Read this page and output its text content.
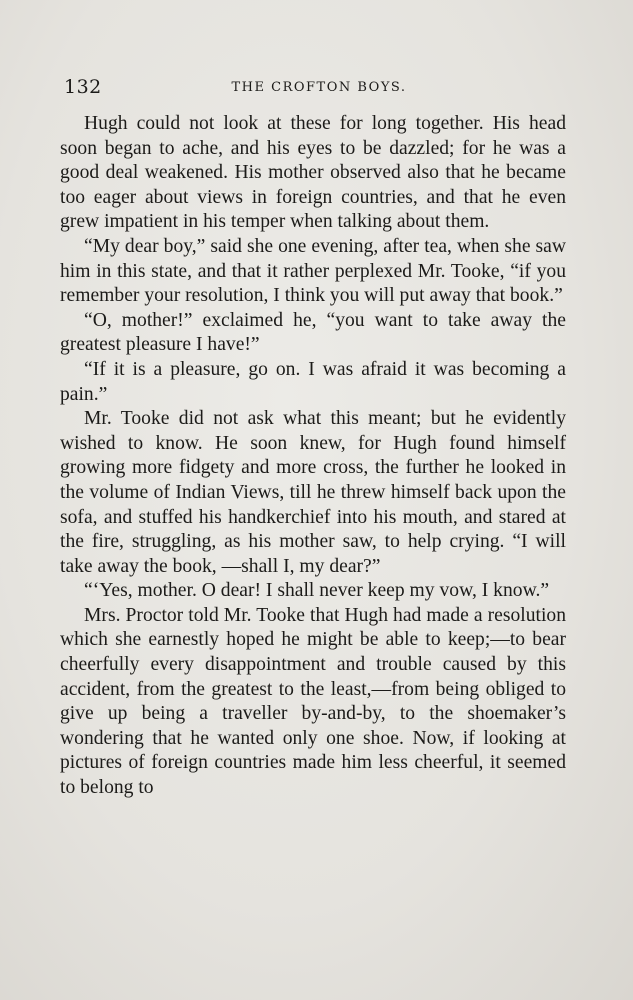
132	THE CROFTON BOYS.

Hugh could not look at these for long together. His head soon began to ache, and his eyes to be dazzled; for he was a good deal weakened. His mother observed also that he became too eager about views in foreign countries, and that he even grew impatient in his temper when talking about them.

“My dear boy,” said she one evening, after tea, when she saw him in this state, and that it rather perplexed Mr. Tooke, “if you remember your resolution, I think you will put away that book.”

“O, mother!” exclaimed he, “you want to take away the greatest pleasure I have!”

“If it is a pleasure, go on. I was afraid it was becoming a pain.”

Mr. Tooke did not ask what this meant; but he evidently wished to know. He soon knew, for Hugh found himself growing more fidgety and more cross, the further he looked in the volume of Indian Views, till he threw himself back upon the sofa, and stuffed his handkerchief into his mouth, and stared at the fire, struggling, as his mother saw, to help crying. “I will take away the book, —shall I, my dear?”

“‘Yes, mother. O dear! I shall never keep my vow, I know.”

Mrs. Proctor told Mr. Tooke that Hugh had made a resolution which she earnestly hoped he might be able to keep;—to bear cheerfully every disappointment and trouble caused by this accident, from the greatest to the least,—from being obliged to give up being a traveller by-and-by, to the shoemaker’s wondering that he wanted only one shoe. Now, if looking at pictures of foreign countries made him less cheerful, it seemed to belong to
